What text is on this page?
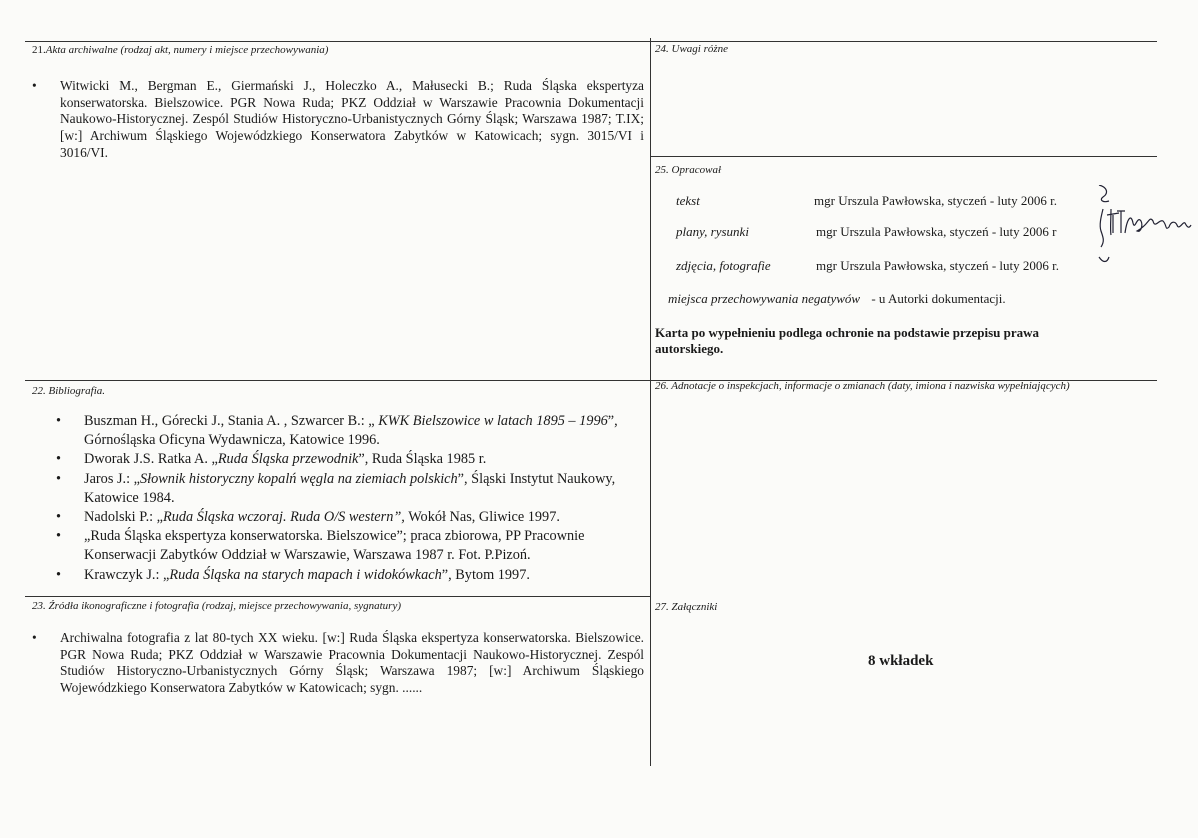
21.Akta archiwalne (rodzaj akt, numery i miejsce przechowywania)
• Witwicki M., Bergman E., Giermański J., Holeczko A., Małusecki B.; Ruda Śląska ekspertyza konserwatorska. Bielszowice. PGR Nowa Ruda; PKZ Oddział w Warszawie Pracownia Dokumentacji Naukowo-Historycznej. Zespól Studiów Historyczno-Urbanistycznych Górny Śląsk; Warszawa 1987; T.IX; [w:] Archiwum Śląskiego Wojewódzkiego Konserwatora Zabytków w Katowicach; sygn. 3015/VI i 3016/VI.
24. Uwagi różne
25. Opracował
tekst	mgr Urszula Pawłowska, styczeń - luty 2006 r.
plany, rysunki	mgr Urszula Pawłowska, styczeń - luty 2006 r
zdjęcia, fotografie	mgr Urszula Pawłowska, styczeń - luty 2006 r.
miejsca przechowywania negatywów - u Autorki dokumentacji.
Karta po wypełnieniu podlega ochronie na podstawie przepisu prawa autorskiego.
22. Bibliografia.
• Buszman H., Górecki J., Stania A. , Szwarcer B.: „ KWK Bielszowice w latach 1895 – 1996”, Górnośląska Oficyna Wydawnicza, Katowice 1996.
• Dworak J.S. Ratka A. „Ruda Śląska przewodnik”, Ruda Śląska 1985 r.
• Jaros J.: „Słownik historyczny kopalń węgla na ziemiach polskich”, Śląski Instytut Naukowy, Katowice 1984.
• Nadolski P.: „Ruda Śląska wczoraj. Ruda O/S western”, Wokół Nas, Gliwice 1997.
• „Ruda Śląska ekspertyza konserwatorska. Bielszowice”; praca zbiorowa, PP Pracownie Konserwacji Zabytków Oddział w Warszawie, Warszawa 1987 r. Fot. P.Pizoń.
• Krawczyk J.: „Ruda Śląska na starych mapach i widokówkach”, Bytom 1997.
26. Adnotacje o inspekcjach, informacje o zmianach (daty, imiona i nazwiska wypełniających)
23. Źródła ikonograficzne i fotografia (rodzaj, miejsce przechowywania, sygnatury)
• Archiwalna fotografia z lat 80-tych XX wieku. [w:] Ruda Śląska ekspertyza konserwatorska. Bielszowice. PGR Nowa Ruda; PKZ Oddział w Warszawie Pracownia Dokumentacji Naukowo-Historycznej. Zespól Studiów Historyczno-Urbanistycznych Górny Śląsk; Warszawa 1987; [w:] Archiwum Śląskiego Wojewódzkiego Konserwatora Zabytków w Katowicach; sygn. ......
27. Załączniki
8 wkładek
